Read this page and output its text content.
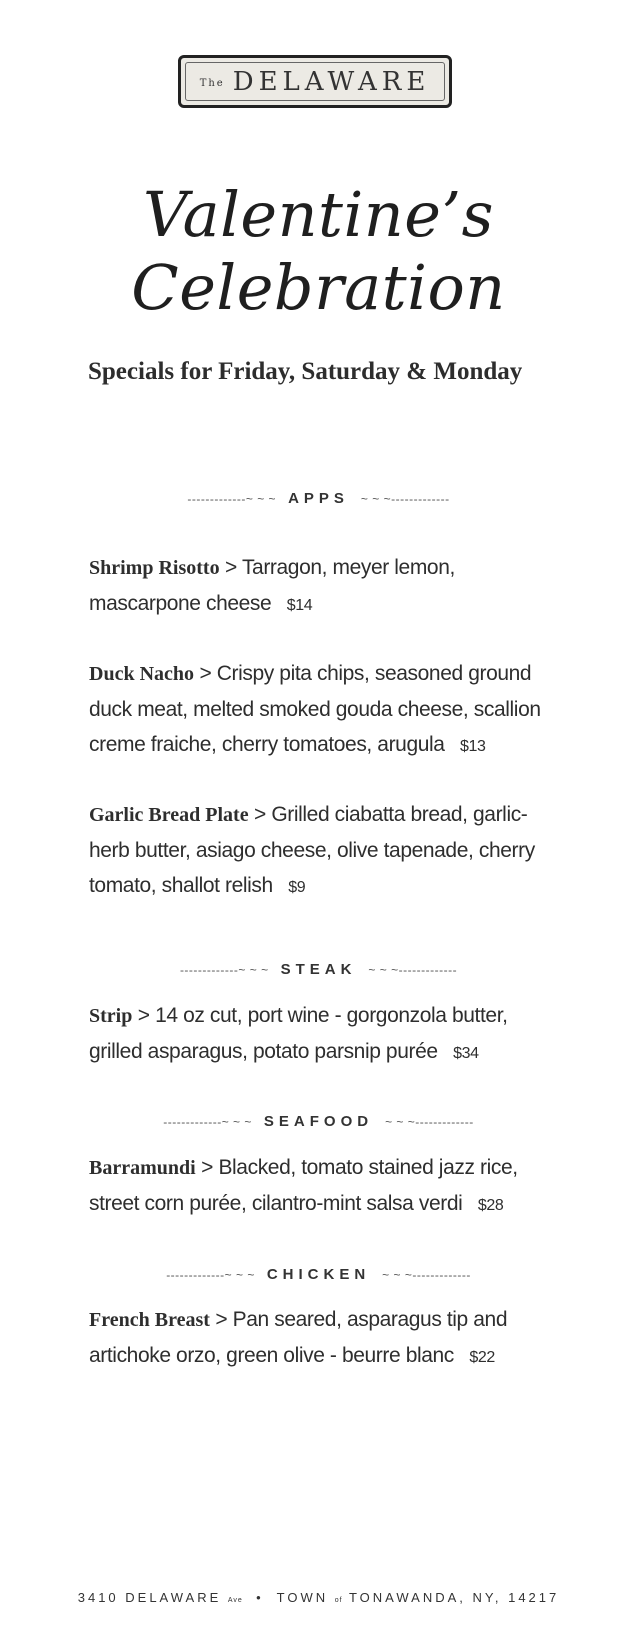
The DELAWARE
Valentine’s Celebration
Specials for Friday, Saturday & Monday
-------------~ ~ ~ APPS ~ ~ ~-------------
Shrimp Risotto > Tarragon, meyer lemon, mascarpone cheese $14
Duck Nacho > Crispy pita chips, seasoned ground duck meat, melted smoked gouda cheese, scallion creme fraiche, cherry tomatoes, arugula $13
Garlic Bread Plate > Grilled ciabatta bread, garlic-herb butter, asiago cheese, olive tapenade, cherry tomato, shallot relish $9
-------------~ ~ ~ STEAK ~ ~ ~-------------
Strip > 14 oz cut, port wine - gorgonzola butter, grilled asparagus, potato parsnip purée $34
-------------~ ~ ~ SEAFOOD ~ ~ ~-------------
Barramundi > Blacked, tomato stained jazz rice, street corn purée, cilantro-mint salsa verdi $28
-------------~ ~ ~ CHICKEN ~ ~ ~-------------
French Breast > Pan seared, asparagus tip and artichoke orzo, green olive - beurre blanc $22
3410 DELAWARE Ave • TOWN of TONAWANDA, NY, 14217
